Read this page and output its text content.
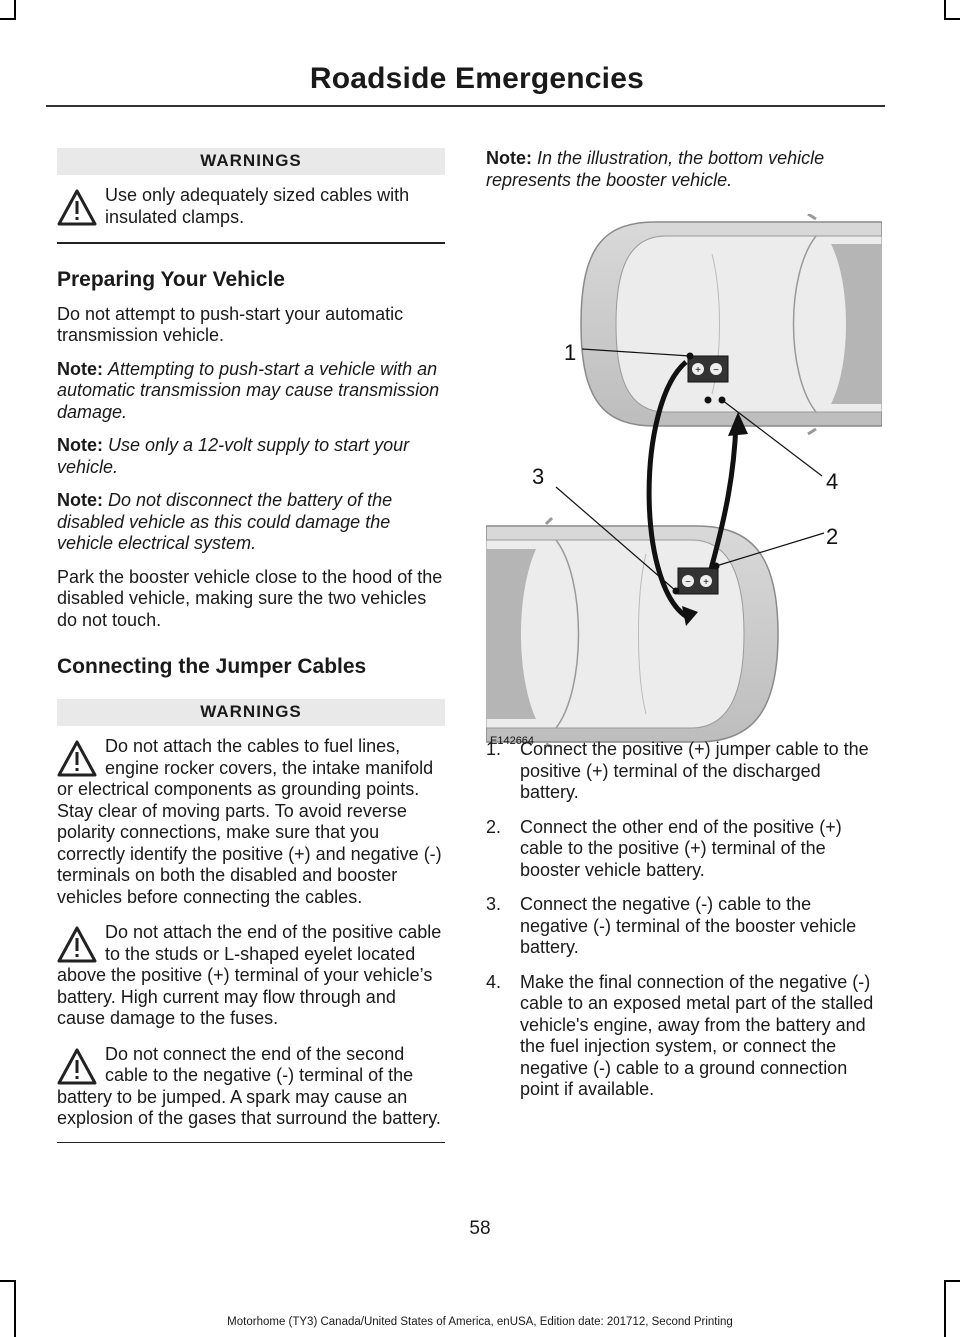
Roadside Emergencies
WARNINGS
Use only adequately sized cables with insulated clamps.
Preparing Your Vehicle

Do not attempt to push-start your automatic transmission vehicle.

Note: Attempting to push-start a vehicle with an automatic transmission may cause transmission damage.

Note: Use only a 12-volt supply to start your vehicle.

Note: Do not disconnect the battery of the disabled vehicle as this could damage the vehicle electrical system.

Park the booster vehicle close to the hood of the disabled vehicle, making sure the two vehicles do not touch.

Connecting the Jumper Cables
WARNINGS
Do not attach the cables to fuel lines, engine rocker covers, the intake manifold or electrical components as grounding points. Stay clear of moving parts. To avoid reverse polarity connections, make sure that you correctly identify the positive (+) and negative (-) terminals on both the disabled and booster vehicles before connecting the cables.
Do not attach the end of the positive cable to the studs or L-shaped eyelet located above the positive (+) terminal of your vehicle’s battery. High current may flow through and cause damage to the fuses.
Do not connect the end of the second cable to the negative (-) terminal of the battery to be jumped. A spark may cause an explosion of the gases that surround the battery.

Note: In the illustration, the bottom vehicle represents the booster vehicle.

+ −
− +
1
2
3	4
E142664
1.	Connect the positive (+) jumper cable to the positive (+) terminal of the discharged battery.
2.	Connect the other end of the positive (+) cable to the positive (+) terminal of the booster vehicle battery.
3.	Connect the negative (-) cable to the negative (-) terminal of the booster vehicle battery.
4.	Make the final connection of the negative (-) cable to an exposed metal part of the stalled vehicle's engine, away from the battery and the fuel injection system, or connect the negative (-) cable to a ground connection point if available.
58
Motorhome (TY3) Canada/United States of America, enUSA, Edition date: 201712, Second Printing
